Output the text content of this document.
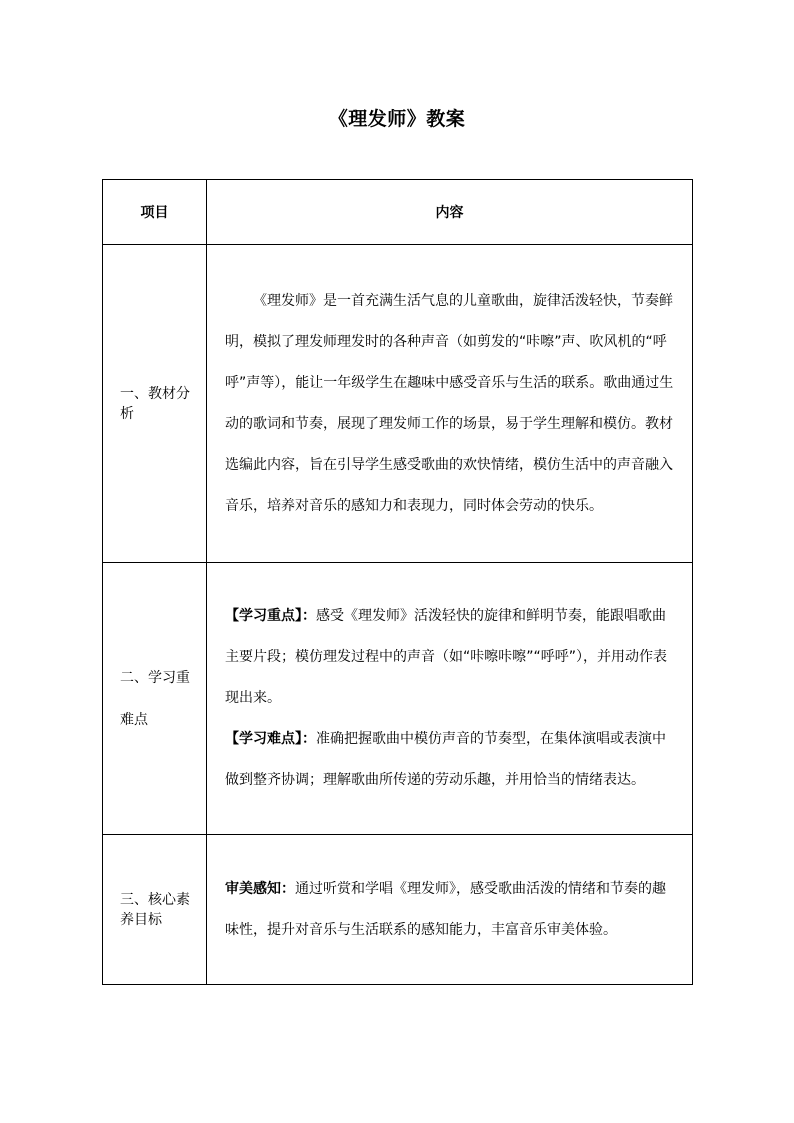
《理发师》教案
项目	内容
一、教材分析	《理发师》是一首充满生活气息的儿童歌曲，旋律活泼轻快，节奏鲜明，模拟了理发师理发时的各种声音（如剪发的“咔嚓”声、吹风机的“呼呼”声等），能让一年级学生在趣味中感受音乐与生活的联系。歌曲通过生动的歌词和节奏，展现了理发师工作的场景，易于学生理解和模仿。教材选编此内容，旨在引导学生感受歌曲的欢快情绪，模仿生活中的声音融入音乐，培养对音乐的感知力和表现力，同时体会劳动的快乐。

二、学习重难点	【学习重点】：感受《理发师》活泼轻快的旋律和鲜明节奏，能跟唱歌曲主要片段；模仿理发过程中的声音（如“咔嚓咔嚓”“呼呼”），并用动作表现出来。

【学习难点】：准确把握歌曲中模仿声音的节奏型，在集体演唱或表演中做到整齐协调；理解歌曲所传递的劳动乐趣，并用恰当的情绪表达。

三、核心素养目标	审美感知：通过听赏和学唱《理发师》，感受歌曲活泼的情绪和节奏的趣味性，提升对音乐与生活联系的感知能力，丰富音乐审美体验。
